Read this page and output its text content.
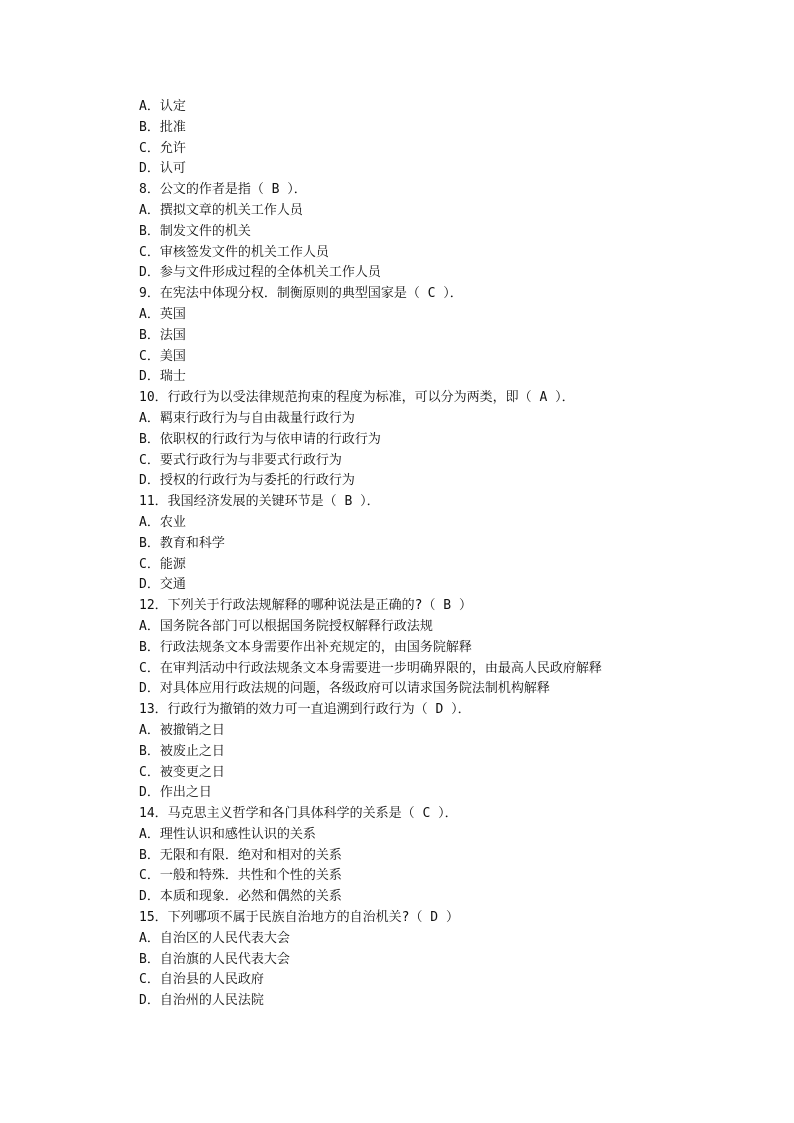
A．认定
B．批准
C．允许
D．认可
8．公文的作者是指（ B ）．
A．撰拟文章的机关工作人员
B．制发文件的机关
C．审核签发文件的机关工作人员
D．参与文件形成过程的全体机关工作人员
9．在宪法中体现分权．制衡原则的典型国家是（ C ）．
A．英国
B．法国
C．美国
D．瑞士
10．行政行为以受法律规范拘束的程度为标准，可以分为两类，即（ A ）．
A．羁束行政行为与自由裁量行政行为
B．依职权的行政行为与依申请的行政行为
C．要式行政行为与非要式行政行为
D．授权的行政行为与委托的行政行为
11．我国经济发展的关键环节是（ B ）．
A．农业
B．教育和科学
C．能源
D．交通
12．下列关于行政法规解释的哪种说法是正确的?（ B ）
A．国务院各部门可以根据国务院授权解释行政法规
B．行政法规条文本身需要作出补充规定的，由国务院解释
C．在审判活动中行政法规条文本身需要进一步明确界限的，由最高人民政府解释
D．对具体应用行政法规的问题，各级政府可以请求国务院法制机构解释
13．行政行为撤销的效力可一直追溯到行政行为（ D ）．
A．被撤销之日
B．被废止之日
C．被变更之日
D．作出之日
14．马克思主义哲学和各门具体科学的关系是（ C ）．
A．理性认识和感性认识的关系
B．无限和有限．绝对和相对的关系
C．一般和特殊．共性和个性的关系
D．本质和现象．必然和偶然的关系
15．下列哪项不属于民族自治地方的自治机关?（ D ）
A．自治区的人民代表大会
B．自治旗的人民代表大会
C．自治县的人民政府
D．自治州的人民法院
